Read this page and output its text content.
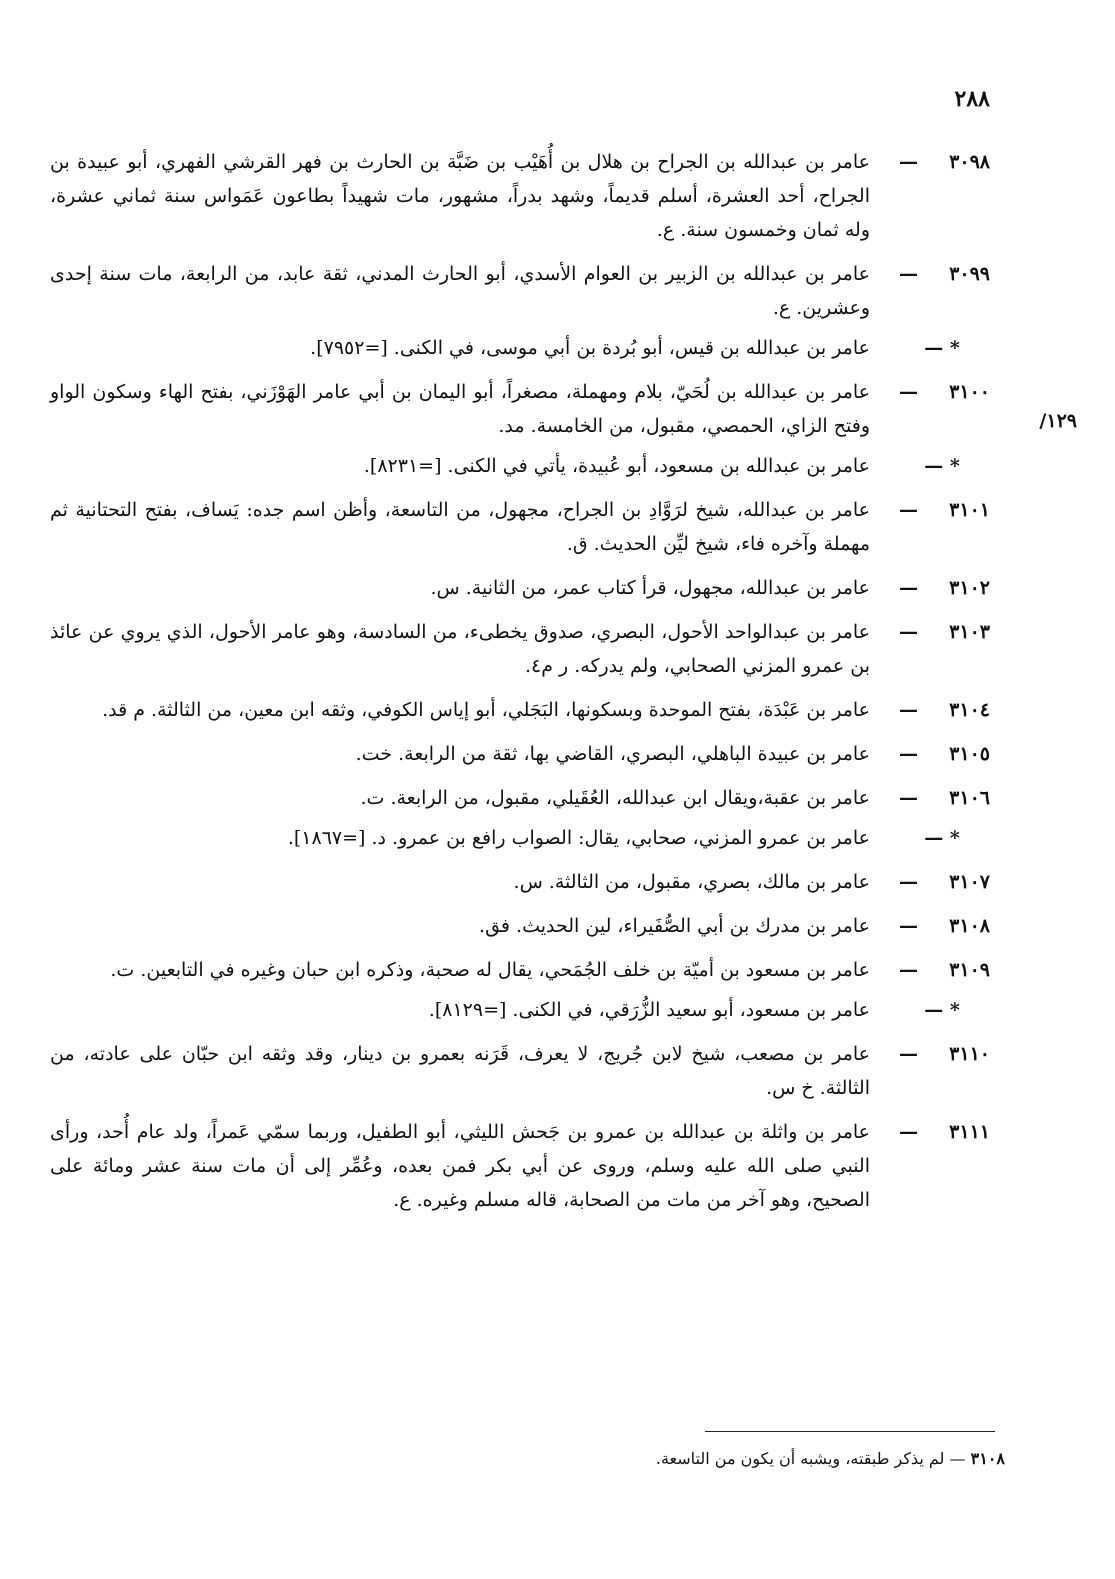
٢٨٨
١٢٩/
٣٠٩٨
—
عامر بن عبدالله بن الجراح بن هلال بن أُهَيْب بن ضَبَّة بن الحارث بن فهر القرشي الفهري، أبو عبيدة بن الجراح، أحد العشرة، أسلم قديماً، وشهد بدراً، مشهور، مات شهيداً بطاعون عَمَواس سنة ثماني عشرة، وله ثمان وخمسون سنة. ع.
٣٠٩٩
—
عامر بن عبدالله بن الزبير بن العوام الأسدي، أبو الحارث المدني، ثقة عابد، من الرابعة، مات سنة إحدى وعشرين. ع.
* —
عامر بن عبدالله بن قيس، أبو بُردة بن أبي موسى، في الكنى. [=٧٩٥٢].
٣١٠٠
—
عامر بن عبدالله بن لُحَيّ، بلام ومهملة، مصغراً، أبو اليمان بن أبي عامر الهَوْزَني، بفتح الهاء وسكون الواو وفتح الزاي، الحمصي، مقبول، من الخامسة. مد.
* —
عامر بن عبدالله بن مسعود، أبو عُبيدة، يأتي في الكنى. [=٨٢٣١].
٣١٠١
—
عامر بن عبدالله، شيخ لرَوَّادِ بن الجراح، مجهول، من التاسعة، وأظن اسم جده: يَساف، بفتح التحتانية ثم مهملة وآخره فاء، شيخ ليِّن الحديث. ق.
٣١٠٢
—
عامر بن عبدالله، مجهول، قرأ كتاب عمر، من الثانية. س.
٣١٠٣
—
عامر بن عبدالواحد الأحول، البصري، صدوق يخطىء، من السادسة، وهو عامر الأحول، الذي يروي عن عائذ بن عمرو المزني الصحابي، ولم يدركه. ر م٤.
٣١٠٤
—
عامر بن عَبْدَة، بفتح الموحدة وبسكونها، البَجَلي، أبو إياس الكوفي، وثقه ابن معين، من الثالثة. م قد.
٣١٠٥
—
عامر بن عبيدة الباهلي، البصري، القاضي بها، ثقة من الرابعة. خت.
٣١٠٦
—
عامر بن عقبة،ويقال ابن عبدالله، العُقَيلي، مقبول، من الرابعة. ت.
* —
عامر بن عمرو المزني، صحابي، يقال: الصواب رافع بن عمرو. د. [=١٨٦٧].
٣١٠٧
—
عامر بن مالك، بصري، مقبول، من الثالثة. س.
٣١٠٨
—
عامر بن مدرك بن أبي الصُّفَيراء، لين الحديث. فق.
٣١٠٩
—
عامر بن مسعود بن أميّة بن خلف الجُمَحي، يقال له صحبة، وذكره ابن حبان وغيره في التابعين. ت.
* —
عامر بن مسعود، أبو سعيد الزُّرَقي، في الكنى. [=٨١٢٩].
٣١١٠
—
عامر بن مصعب، شيخ لابن جُريج، لا يعرف، قَرَنه بعمرو بن دينار، وقد وثقه ابن حبّان على عادته، من الثالثة. خ س.
٣١١١
—
عامر بن واثلة بن عبدالله بن عمرو بن جَحش الليثي، أبو الطفيل، وربما سمّي عَمراً، ولد عام أُحد، ورأى النبي صلى الله عليه وسلم، وروى عن أبي بكر فمن بعده، وعُمِّر إلى أن مات سنة عشر ومائة على الصحيح، وهو آخر من مات من الصحابة، قاله مسلم وغيره. ع.
٣١٠٨ — لم يذكر طبقته، ويشبه أن يكون من التاسعة.
